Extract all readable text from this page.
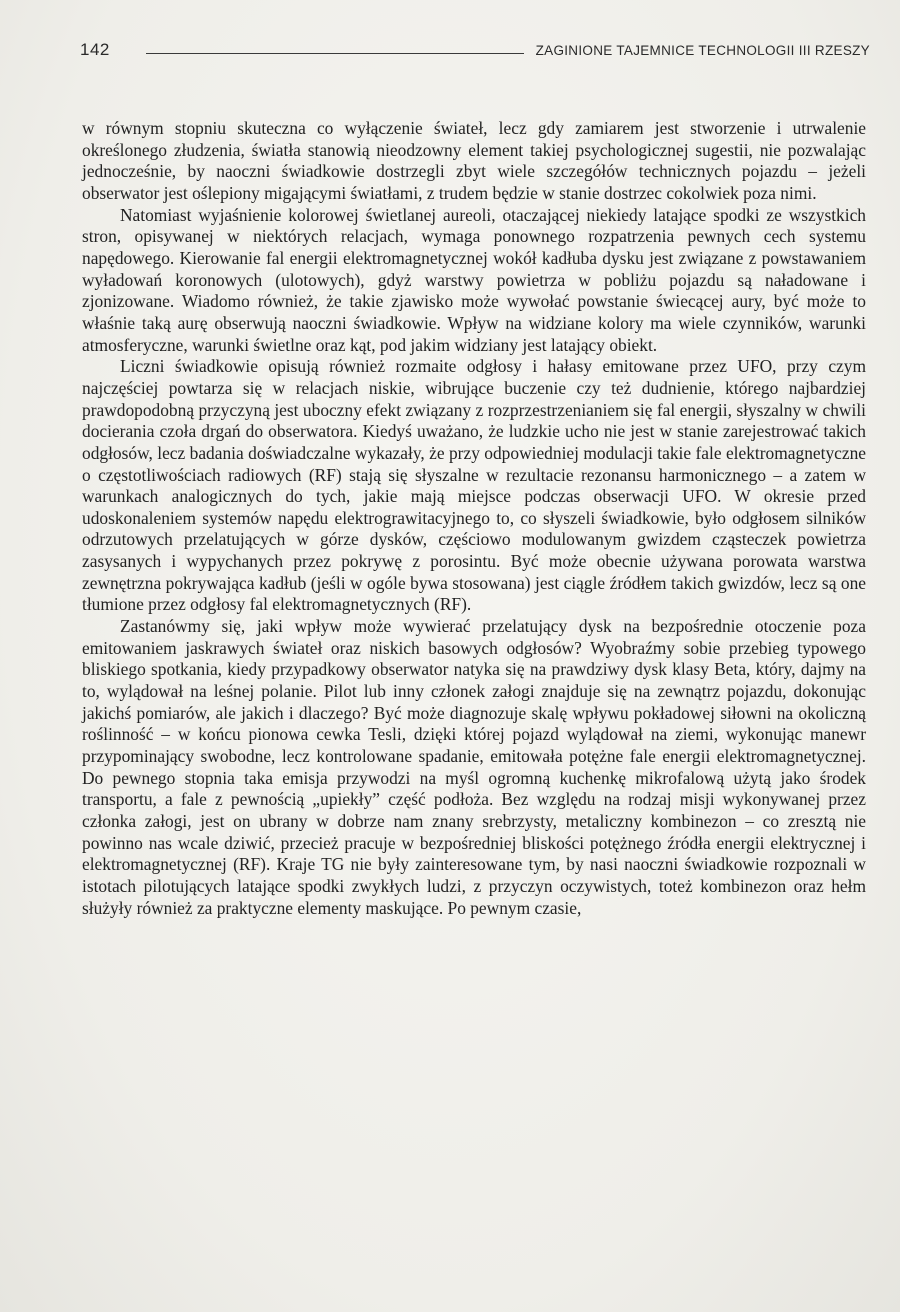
142	ZAGINIONE TAJEMNICE TECHNOLOGII III RZESZY

w równym stopniu skuteczna co wyłączenie świateł, lecz gdy zamiarem jest stworzenie i utrwalenie określonego złudzenia, światła stanowią nieodzowny element takiej psychologicznej sugestii, nie pozwalając jednocześnie, by naoczni świadkowie dostrzegli zbyt wiele szczegółów technicznych pojazdu – jeżeli obserwator jest oślepiony migającymi światłami, z trudem będzie w stanie dostrzec cokolwiek poza nimi.

Natomiast wyjaśnienie kolorowej świetlanej aureoli, otaczającej niekiedy latające spodki ze wszystkich stron, opisywanej w niektórych relacjach, wymaga ponownego rozpatrzenia pewnych cech systemu napędowego. Kierowanie fal energii elektromagnetycznej wokół kadłuba dysku jest związane z powstawaniem wyładowań koronowych (ulotowych), gdyż warstwy powietrza w pobliżu pojazdu są naładowane i zjonizowane. Wiadomo również, że takie zjawisko może wywołać powstanie świecącej aury, być może to właśnie taką aurę obserwują naoczni świadkowie. Wpływ na widziane kolory ma wiele czynników, warunki atmosferyczne, warunki świetlne oraz kąt, pod jakim widziany jest latający obiekt.

Liczni świadkowie opisują również rozmaite odgłosy i hałasy emitowane przez UFO, przy czym najczęściej powtarza się w relacjach niskie, wibrujące buczenie czy też dudnienie, którego najbardziej prawdopodobną przyczyną jest uboczny efekt związany z rozprzestrzenianiem się fal energii, słyszalny w chwili docierania czoła drgań do obserwatora. Kiedyś uważano, że ludzkie ucho nie jest w stanie zarejestrować takich odgłosów, lecz badania doświadczalne wykazały, że przy odpowiedniej modulacji takie fale elektromagnetyczne o częstotliwościach radiowych (RF) stają się słyszalne w rezultacie rezonansu harmonicznego – a zatem w warunkach analogicznych do tych, jakie mają miejsce podczas obserwacji UFO. W okresie przed udoskonaleniem systemów napędu elektrograwitacyjnego to, co słyszeli świadkowie, było odgłosem silników odrzutowych przelatujących w górze dysków, częściowo modulowanym gwizdem cząsteczek powietrza zasysanych i wypychanych przez pokrywę z porosintu. Być może obecnie używana porowata warstwa zewnętrzna pokrywająca kadłub (jeśli w ogóle bywa stosowana) jest ciągle źródłem takich gwizdów, lecz są one tłumione przez odgłosy fal elektromagnetycznych (RF).

Zastanówmy się, jaki wpływ może wywierać przelatujący dysk na bezpośrednie otoczenie poza emitowaniem jaskrawych świateł oraz niskich basowych odgłosów? Wyobraźmy sobie przebieg typowego bliskiego spotkania, kiedy przypadkowy obserwator natyka się na prawdziwy dysk klasy Beta, który, dajmy na to, wylądował na leśnej polanie. Pilot lub inny członek załogi znajduje się na zewnątrz pojazdu, dokonując jakichś pomiarów, ale jakich i dlaczego? Być może diagnozuje skalę wpływu pokładowej siłowni na okoliczną roślinność – w końcu pionowa cewka Tesli, dzięki której pojazd wylądował na ziemi, wykonując manewr przypominający swobodne, lecz kontrolowane spadanie, emitowała potężne fale energii elektromagnetycznej. Do pewnego stopnia taka emisja przywodzi na myśl ogromną kuchenkę mikrofalową użytą jako środek transportu, a fale z pewnością „upiekły” część podłoża. Bez względu na rodzaj misji wykonywanej przez członka załogi, jest on ubrany w dobrze nam znany srebrzysty, metaliczny kombinezon – co zresztą nie powinno nas wcale dziwić, przecież pracuje w bezpośredniej bliskości potężnego źródła energii elektrycznej i elektromagnetycznej (RF). Kraje TG nie były zainteresowane tym, by nasi naoczni świadkowie rozpoznali w istotach pilotujących latające spodki zwykłych ludzi, z przyczyn oczywistych, toteż kombinezon oraz hełm służyły również za praktyczne elementy maskujące. Po pewnym czasie,
